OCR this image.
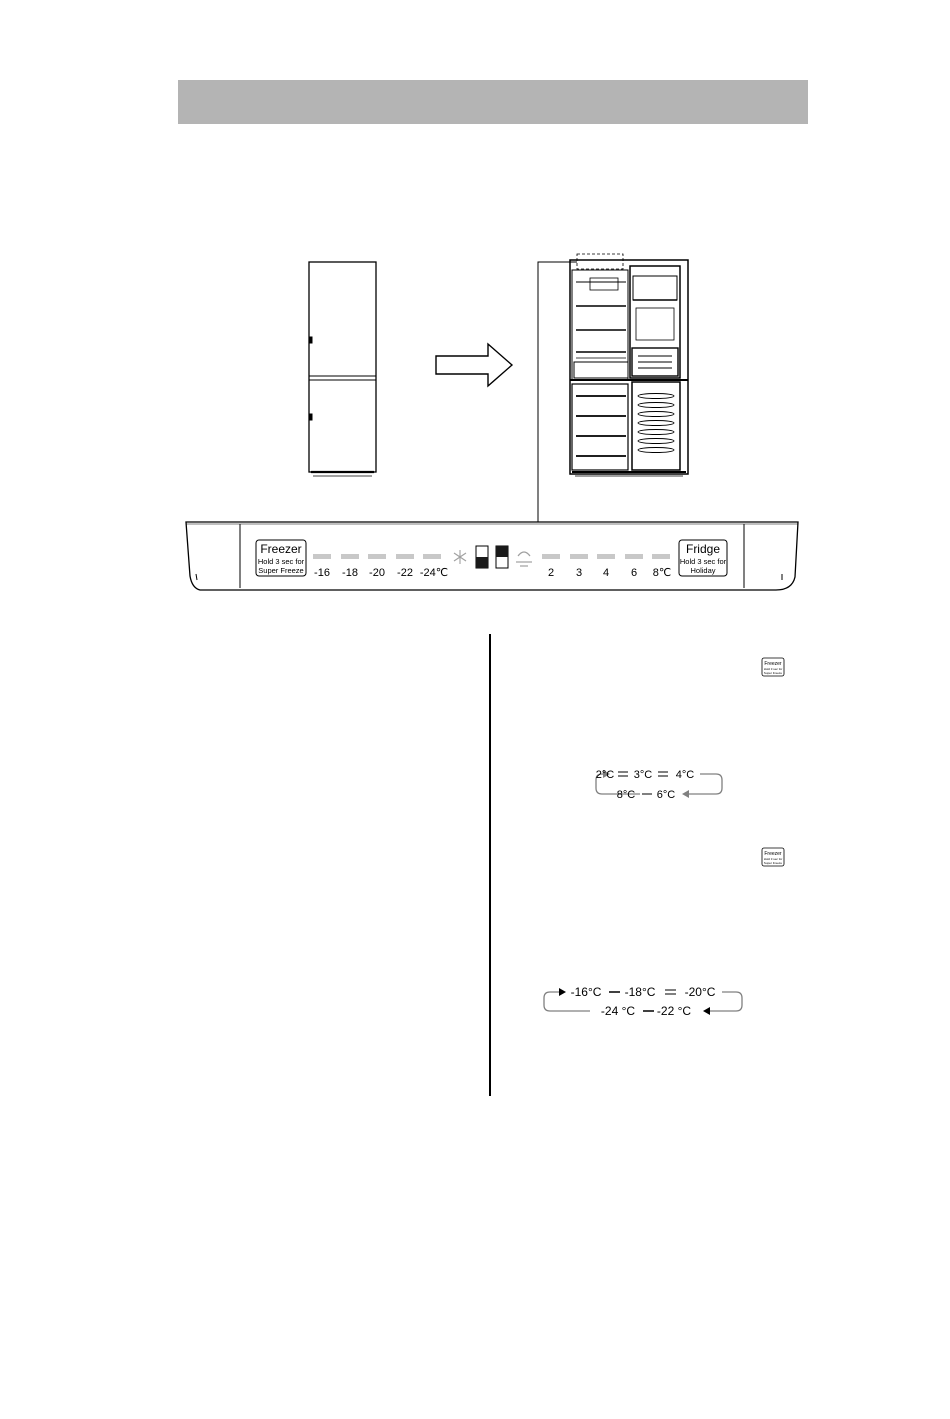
Freezer
Hold 3 sec for
Super Freeze -16 -18 -20 -22 -24℃	2 3 4 6 8℃
Fridge
Hold 3 sec for
Holiday
Freezer
Hold 3 sec for
Super Freeze
Freezer
Hold 3 sec for
Super Freeze
2°C 3°C 4°C
8°C 6°C
-16°C -18°C -20°C
-24 °C -22 °C
